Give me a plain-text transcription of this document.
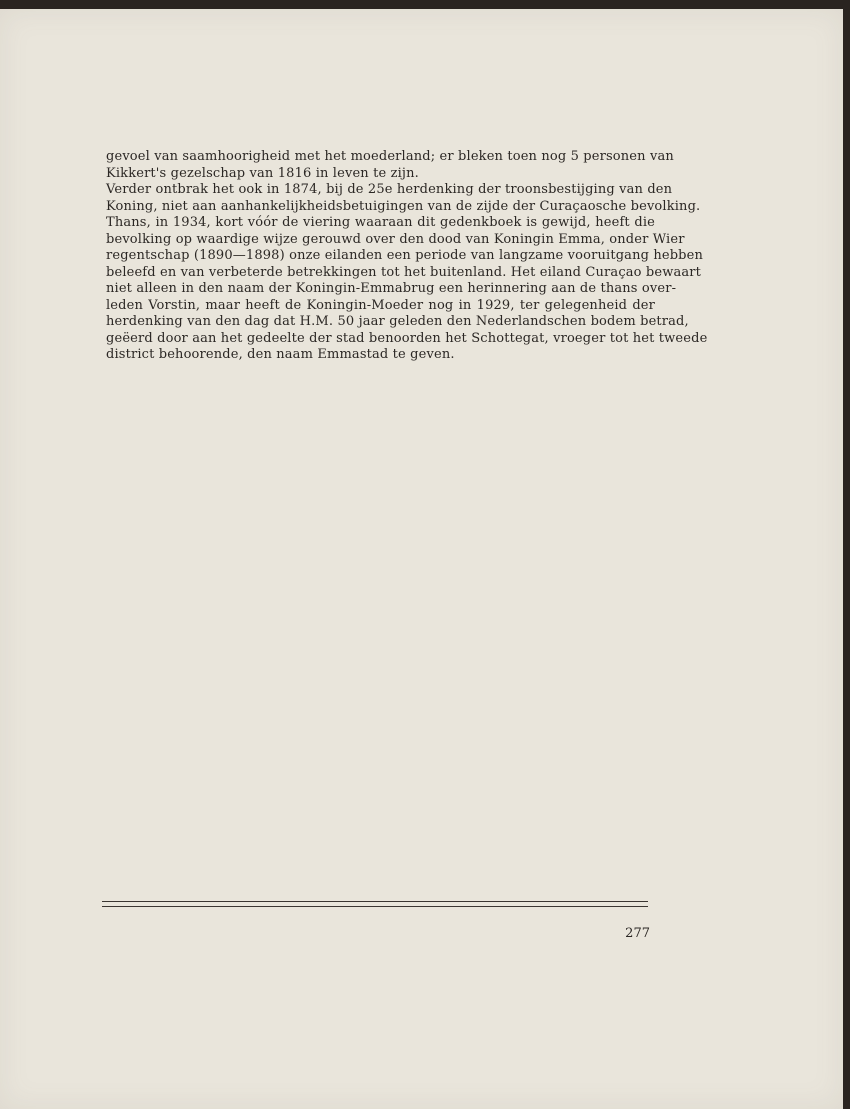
gevoel van saamhoorigheid met het moederland; er bleken toen nog 5 personen van
Kikkert's gezelschap van 1816 in leven te zijn.
Verder ontbrak het ook in 1874, bij de 25e herdenking der troonsbestijging van den
Koning, niet aan aanhankelijkheidsbetuigingen van de zijde der Curaçaosche bevolking.
Thans, in 1934, kort vóór de viering waaraan dit gedenkboek is gewijd, heeft die
bevolking op waardige wijze gerouwd over den dood van Koningin Emma, onder Wier
regentschap (1890—1898) onze eilanden een periode van langzame vooruitgang hebben
beleefd en van verbeterde betrekkingen tot het buitenland. Het eiland Curaçao bewaart
niet alleen in den naam der Koningin-Emmabrug een herinnering aan de thans over-
leden Vorstin, maar heeft de Koningin-Moeder nog in 1929, ter gelegenheid der
herdenking van den dag dat H.M. 50 jaar geleden den Nederlandschen bodem betrad,
geëerd door aan het gedeelte der stad benoorden het Schottegat, vroeger tot het tweede
district behoorende, den naam Emmastad te geven.
277
